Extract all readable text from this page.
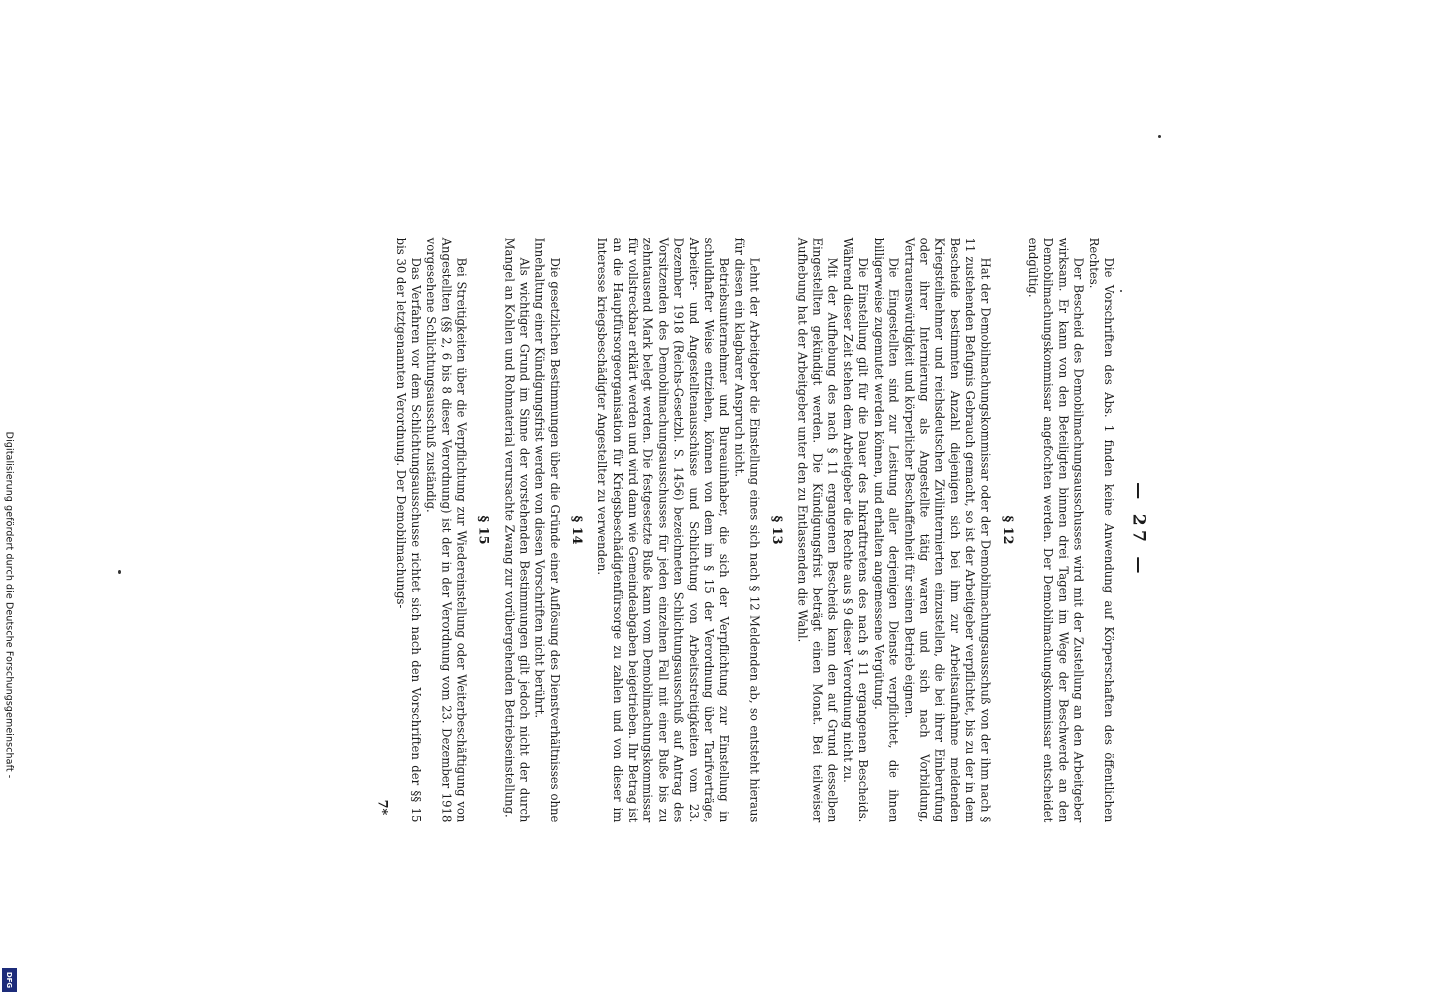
Digitalisierung gefördert durch die Deutsche Forschungsgemeinschaft -
DFG
— 27 —

Die Vorschriften des Abs. 1 finden keine Anwendung auf Körperschaften des öffentlichen Rechtes.

Der Bescheid des Demobilmachungsausschusses wird mit der Zustellung an den Arbeitgeber wirksam. Er kann von den Beteiligten binnen drei Tagen im Wege der Beschwerde an den Demobilmachungskommissar angefochten werden. Der Demobilmachungskommissar entscheidet endgültig.

§ 12

Hat der Demobilmachungskommissar oder der Demobilmachungsausschuß von der ihm nach § 11 zustehenden Befugnis Gebrauch gemacht, so ist der Arbeitgeber verpflichtet, bis zu der in dem Bescheide bestimmten Anzahl diejenigen sich bei ihm zur Arbeitsaufnahme meldenden Kriegsteilnehmer und reichsdeutschen Zivilinternierten einzustellen, die bei ihrer Einberufung oder ihrer Internierung als Angestellte tätig waren und sich nach Vorbildung, Vertrauenswürdigkeit und körperlicher Beschaffenheit für seinen Betrieb eignen.

Die Eingestellten sind zur Leistung aller derjenigen Dienste verpflichtet, die ihnen billigerweise zugemutet werden können, und erhalten angemessene Vergütung.

Die Einstellung gilt für die Dauer des Inkrafttretens des nach § 11 ergangenen Bescheids. Während dieser Zeit stehen dem Arbeitgeber die Rechte aus § 9 dieser Verordnung nicht zu.

Mit der Aufhebung des nach § 11 ergangenen Bescheids kann den auf Grund desselben Eingestellten gekündigt werden. Die Kündigungsfrist beträgt einen Monat. Bei teilweiser Aufhebung hat der Arbeitgeber unter den zu Entlassenden die Wahl.

§ 13

Lehnt der Arbeitgeber die Einstellung eines sich nach § 12 Meldenden ab, so entsteht hieraus für diesen ein klagbarer Anspruch nicht.

Betriebsunternehmer und Bureauinhaber, die sich der Verpflichtung zur Einstellung in schuldhafter Weise entziehen, können von dem im § 15 der Verordnung über Tarifverträge, Arbeiter- und Angestelltenausschüsse und Schlichtung von Arbeitsstreitigkeiten vom 23. Dezember 1918 (Reichs-Gesetzbl. S. 1456) bezeichneten Schlichtungsausschuß auf Antrag des Vorsitzenden des Demobilmachungsausschusses für jeden einzelnen Fall mit einer Buße bis zu zehntausend Mark belegt werden. Die festgesetzte Buße kann vom Demobilmachungskommissar für vollstreckbar erklärt werden und wird dann wie Gemeindeabgaben beigetrieben. Ihr Betrag ist an die Hauptfürsorgeorganisation für Kriegsbeschädigtenfürsorge zu zahlen und von dieser im Interesse kriegsbeschädigter Angestellter zu verwenden.

§ 14

Die gesetzlichen Bestimmungen über die Gründe einer Auflösung des Dienstverhältnisses ohne Innehaltung einer Kündigungsfrist werden von diesen Vorschriften nicht berührt.

Als wichtiger Grund im Sinne der vorstehenden Bestimmungen gilt jedoch nicht der durch Mangel an Kohlen und Rohmaterial verursachte Zwang zur vorübergehenden Betriebseinstellung.

§ 15

Bei Streitigkeiten über die Verpflichtung zur Wiedereinstellung oder Weiterbeschäftigung von Angestellten (§§ 2, 6 bis 8 dieser Verordnung) ist der in der Verordnung vom 23. Dezember 1918 vorgesehene Schlichtungsausschuß zuständig.

Das Verfahren vor dem Schlichtungsausschusse richtet sich nach den Vorschriften der §§ 15 bis 30 der letztgenannten Verordnung. Der Demobilmachungs-

7*
